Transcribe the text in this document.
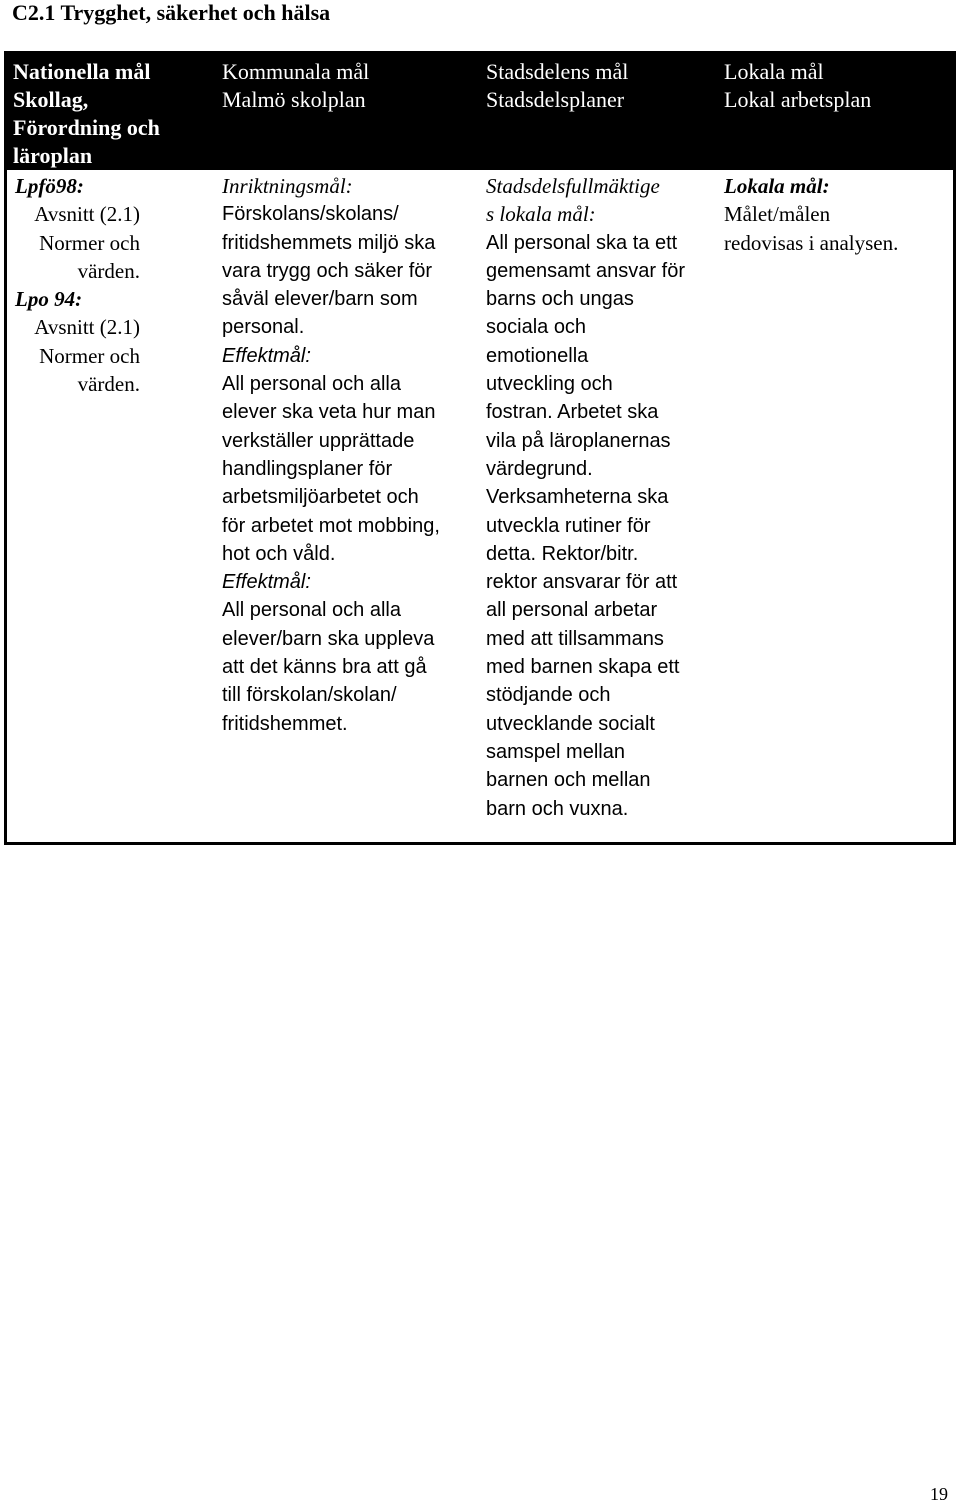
C2.1 Trygghet, säkerhet och hälsa
Nationella mål
Skollag,
Förordning och
läroplan
Kommunala mål
Malmö skolplan
Stadsdelens mål
Stadsdelsplaner
Lokala mål
Lokal arbetsplan
Lpfö98:
Avsnitt (2.1)
Normer och
värden.
Lpo 94:
Avsnitt (2.1)
Normer och
värden.
Inriktningsmål:
Förskolans/skolans/
fritidshemmets miljö ska
vara trygg och säker för
såväl elever/barn som
personal.
Effektmål:
All personal och alla
elever ska veta hur man
verkställer upprättade
handlingsplaner för
arbetsmiljöarbetet och
för arbetet mot mobbing,
hot och våld.
Effektmål:
All personal och alla
elever/barn ska uppleva
att det känns bra att gå
till förskolan/skolan/
fritidshemmet.
Stadsdelsfullmäktige
s lokala mål:
All personal ska ta ett
gemensamt ansvar för
barns och ungas
sociala och
emotionella
utveckling och
fostran. Arbetet ska
vila på läroplanernas
värdegrund.
Verksamheterna ska
utveckla rutiner för
detta. Rektor/bitr.
rektor ansvarar för att
all personal arbetar
med att tillsammans
med barnen skapa ett
stödjande och
utvecklande socialt
samspel mellan
barnen och mellan
barn och vuxna.
Lokala mål:
Målet/målen
redovisas i analysen.
19
